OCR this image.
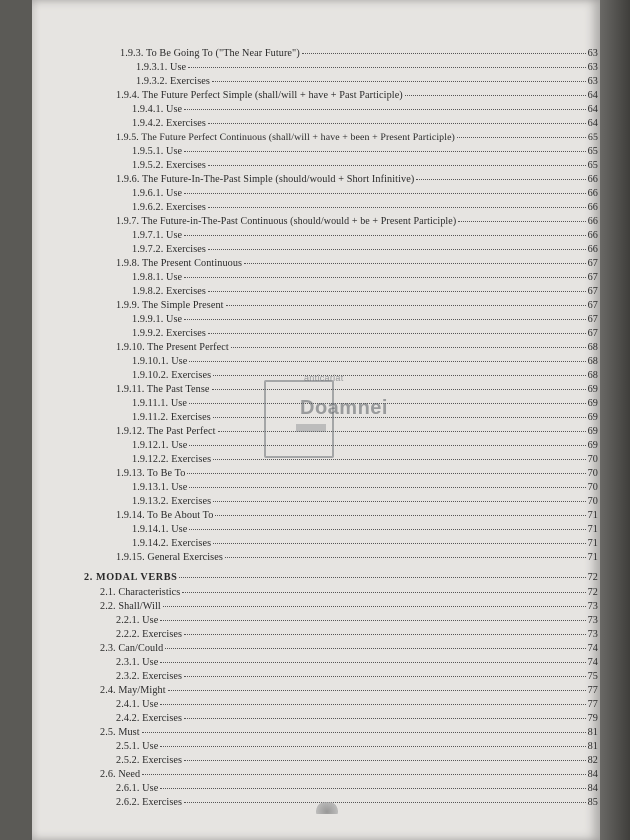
1.9.3. To Be Going To ("The Near Future")	63
1.9.3.1. Use	63
1.9.3.2. Exercises	63
1.9.4. The Future Perfect Simple (shall/will + have + Past Participle)	64
1.9.4.1. Use	64
1.9.4.2. Exercises	64
1.9.5. The Future Perfect Continuous (shall/will + have + been + Present Participle)	65
1.9.5.1. Use	65
1.9.5.2. Exercises	65
1.9.6. The Future-In-The-Past Simple (should/would + Short Infinitive)	66
1.9.6.1. Use	66
1.9.6.2. Exercises	66
1.9.7. The Future-in-The-Past Continuous (should/would + be + Present Participle)	66
1.9.7.1. Use	66
1.9.7.2. Exercises	66
1.9.8. The Present Continuous	67
1.9.8.1. Use	67
1.9.8.2. Exercises	67
1.9.9. The Simple Present	67
1.9.9.1. Use	67
1.9.9.2. Exercises	67
1.9.10. The Present Perfect	68
1.9.10.1. Use	68
1.9.10.2. Exercises	68
1.9.11. The Past Tense	69
1.9.11.1. Use	69
1.9.11.2. Exercises	69
1.9.12. The Past Perfect	69
1.9.12.1. Use	69
1.9.12.2. Exercises	70
1.9.13. To Be To	70
1.9.13.1. Use	70
1.9.13.2. Exercises	70
1.9.14. To Be About To	71
1.9.14.1. Use	71
1.9.14.2. Exercises	71
1.9.15. General Exercises	71
2. MODAL VERBS	72
2.1. Characteristics	72
2.2. Shall/Will	73
2.2.1. Use	73
2.2.2. Exercises	73
2.3. Can/Could	74
2.3.1. Use	74
2.3.2. Exercises	75
2.4. May/Might	77
2.4.1. Use	77
2.4.2. Exercises	79
2.5. Must	81
2.5.1. Use	81
2.5.2. Exercises	82
2.6. Need	84
2.6.1. Use	84
2.6.2. Exercises	85
anticariat
Doamnei
